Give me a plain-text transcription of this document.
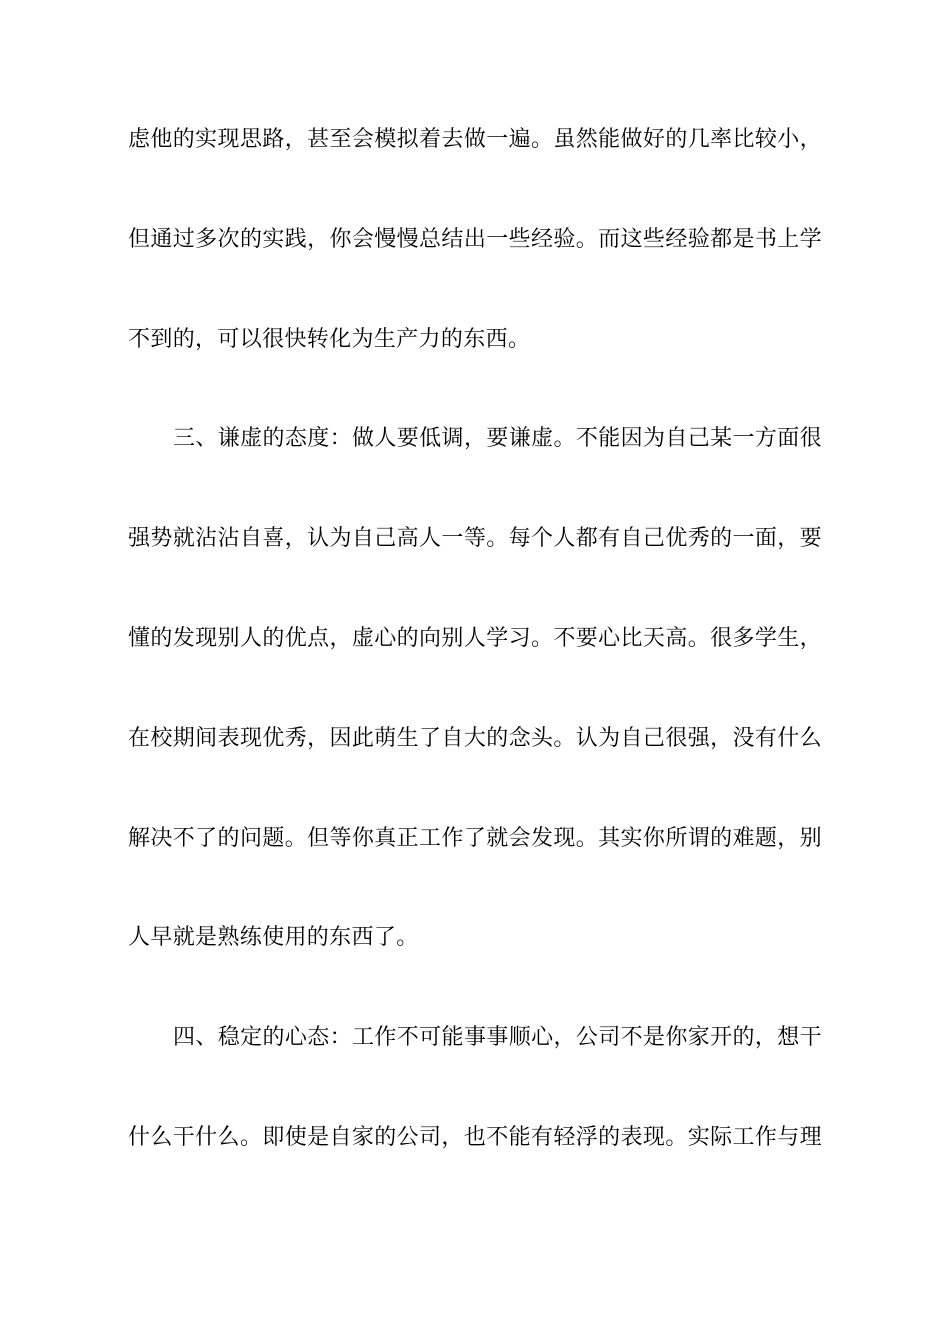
虑他的实现思路，甚至会模拟着去做一遍。虽然能做好的几率比较小，
但通过多次的实践，你会慢慢总结出一些经验。而这些经验都是书上学
不到的，可以很快转化为生产力的东西。
三、谦虚的态度：做人要低调，要谦虚。不能因为自己某一方面很
强势就沾沾自喜，认为自己高人一等。每个人都有自己优秀的一面，要
懂的发现别人的优点，虚心的向别人学习。不要心比天高。很多学生，
在校期间表现优秀，因此萌生了自大的念头。认为自己很强，没有什么
解决不了的问题。但等你真正工作了就会发现。其实你所谓的难题，别
人早就是熟练使用的东西了。
四、稳定的心态：工作不可能事事顺心，公司不是你家开的，想干
什么干什么。即使是自家的公司，也不能有轻浮的表现。实际工作与理
